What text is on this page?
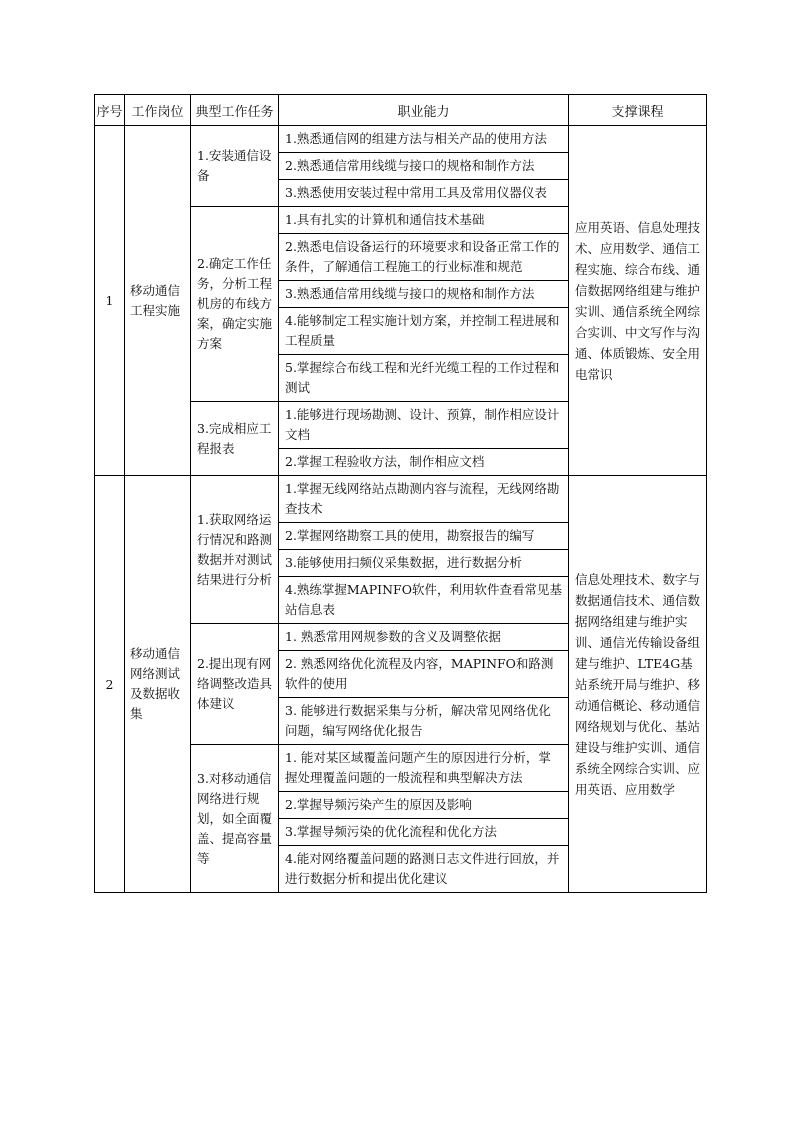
序号	工作岗位	典型工作任务	职业能力	支撑课程
1	移动通信工程实施	1.安装通信设备	1.熟悉通信网的组建方法与相关产品的使用方法	应用英语、信息处理技术、应用数学、通信工程实施、综合布线、通信数据网络组建与维护实训、通信系统全网综合实训、中文写作与沟通、体质锻炼、安全用电常识
			2.熟悉通信常用线缆与接口的规格和制作方法	
			3.熟悉使用安装过程中常用工具及常用仪器仪表	
		2.确定工作任务，分析工程机房的布线方案，确定实施方案	1.具有扎实的计算机和通信技术基础	
			2.熟悉电信设备运行的环境要求和设备正常工作的条件，了解通信工程施工的行业标准和规范	
			3.熟悉通信常用线缆与接口的规格和制作方法	
			4.能够制定工程实施计划方案，并控制工程进展和工程质量	
			5.掌握综合布线工程和光纤光缆工程的工作过程和测试	
		3.完成相应工程报表	1.能够进行现场勘测、设计、预算，制作相应设计文档	
			2.掌握工程验收方法，制作相应文档	
2	移动通信网络测试及数据收集	1.获取网络运行情况和路测数据并对测试结果进行分析	1.掌握无线网络站点勘测内容与流程，无线网络勘查技术	信息处理技术、数字与数据通信技术、通信数据网络组建与维护实训、通信光传输设备组建与维护、LTE4G基站系统开局与维护、移动通信概论、移动通信网络规划与优化、基站建设与维护实训、通信系统全网综合实训、应用英语、应用数学
			2.掌握网络勘察工具的使用，勘察报告的编写	
			3.能够使用扫频仪采集数据，进行数据分析	
			4.熟练掌握MAPINFO软件，利用软件查看常见基站信息表	
		2.提出现有网络调整改造具体建议	1. 熟悉常用网规参数的含义及调整依据	
			2. 熟悉网络优化流程及内容，MAPINFO和路测软件的使用	
			3. 能够进行数据采集与分析，解决常见网络优化问题，编写网络优化报告	
		3.对移动通信网络进行规划，如全面覆盖、提高容量等	1. 能对某区域覆盖问题产生的原因进行分析，掌握处理覆盖问题的一般流程和典型解决方法	
			2.掌握导频污染产生的原因及影响	
			3.掌握导频污染的优化流程和优化方法	
			4.能对网络覆盖问题的路测日志文件进行回放，并进行数据分析和提出优化建议	
